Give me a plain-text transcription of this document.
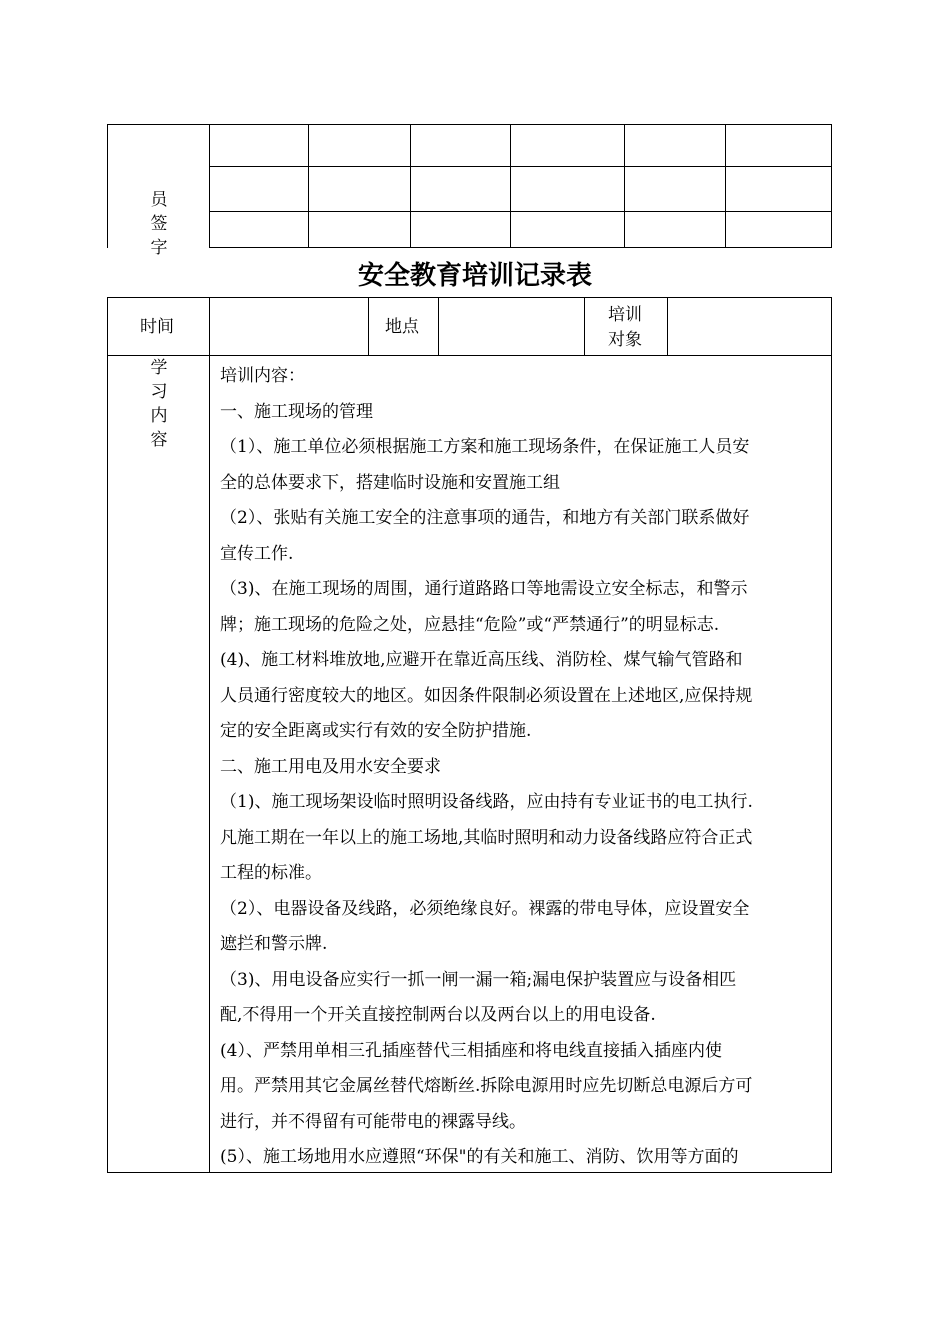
员
签
字
安全教育培训记录表
时间	地点
培训
对象
学
习
内
容
培训内容：
一、施工现场的管理
（1）、施工单位必须根据施工方案和施工现场条件，在保证施工人员安
全的总体要求下，搭建临时设施和安置施工组
（2）、张贴有关施工安全的注意事项的通告，和地方有关部门联系做好
宣传工作.
（3)、在施工现场的周围，通行道路路口等地需设立安全标志，和警示
牌；施工现场的危险之处，应悬挂“危险”或“严禁通行”的明显标志.
(4)、施工材料堆放地,应避开在靠近高压线、消防栓、煤气输气管路和
人员通行密度较大的地区。如因条件限制必须设置在上述地区,应保持规
定的安全距离或实行有效的安全防护措施.
二、施工用电及用水安全要求
（1)、施工现场架设临时照明设备线路，应由持有专业证书的电工执行.
凡施工期在一年以上的施工场地,其临时照明和动力设备线路应符合正式
工程的标准。
（2）、电器设备及线路，必须绝缘良好。裸露的带电导体，应设置安全
遮拦和警示牌.
（3)、用电设备应实行一抓一闸一漏一箱;漏电保护装置应与设备相匹
配,不得用一个开关直接控制两台以及两台以上的用电设备.
(4）、严禁用单相三孔插座替代三相插座和将电线直接插入插座内使
用。严禁用其它金属丝替代熔断丝.拆除电源用时应先切断总电源后方可
进行，并不得留有可能带电的裸露导线。
(5）、施工场地用水应遵照“环保"的有关和施工、消防、饮用等方面的
